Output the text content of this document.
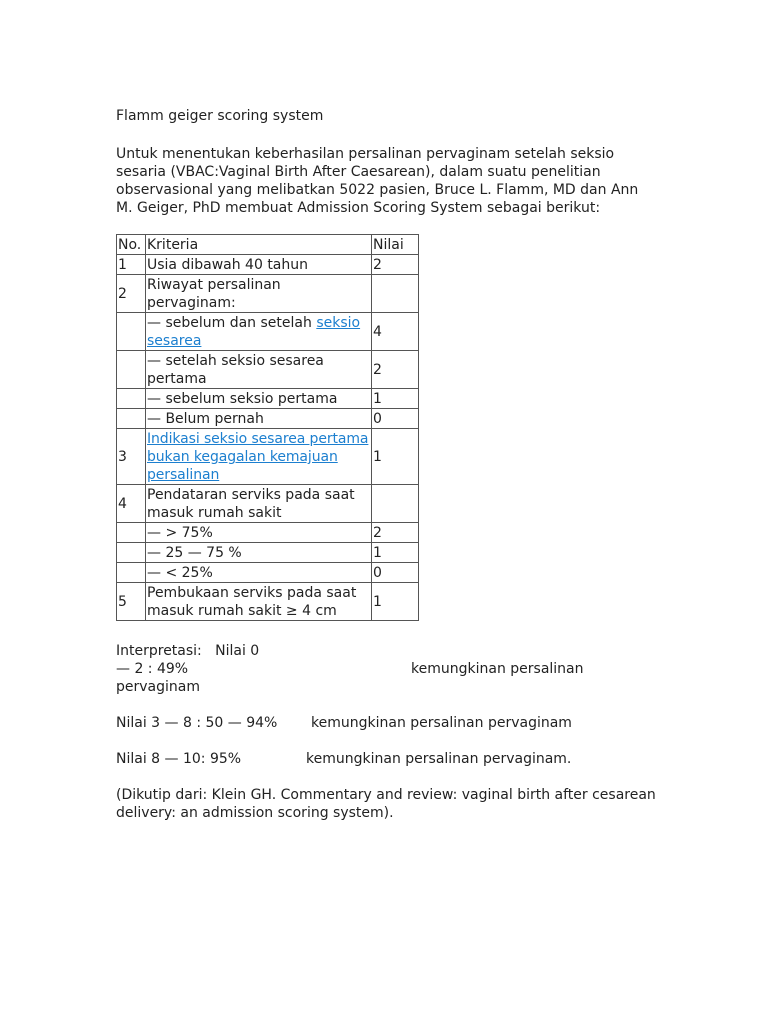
Flamm geiger scoring system

Untuk menentukan keberhasilan persalinan pervaginam setelah seksio sesaria (VBAC:Vaginal Birth After Caesarean), dalam suatu penelitian observasional yang melibatkan 5022 pasien, Bruce L. Flamm, MD dan Ann M. Geiger, PhD membuat Admission Scoring System sebagai berikut:

No.	Kriteria	Nilai
1	Usia dibawah 40 tahun	2
2	Riwayat persalinan pervaginam:	
	— sebelum dan setelah seksio sesarea	4
	— setelah seksio sesarea pertama	2
	— sebelum seksio pertama	1
	— Belum pernah	0
3	Indikasi seksio sesarea pertama bukan kegagalan kemajuan persalinan	1
4	Pendataran serviks pada saat masuk rumah sakit	
	— > 75%	2
	— 25 — 75 %	1
	— < 25%	0
5	Pembukaan serviks pada saat masuk rumah sakit ≥ 4 cm	1

Interpretasi: Nilai 0 — 2 : 49%	kemungkinan persalinan
pervaginam

Nilai 3 — 8 : 50 — 94% kemungkinan persalinan pervaginam

Nilai 8 — 10: 95%	kemungkinan persalinan pervaginam.

(Dikutip dari: Klein GH. Commentary and review: vaginal birth after cesarean delivery: an admission scoring system).
